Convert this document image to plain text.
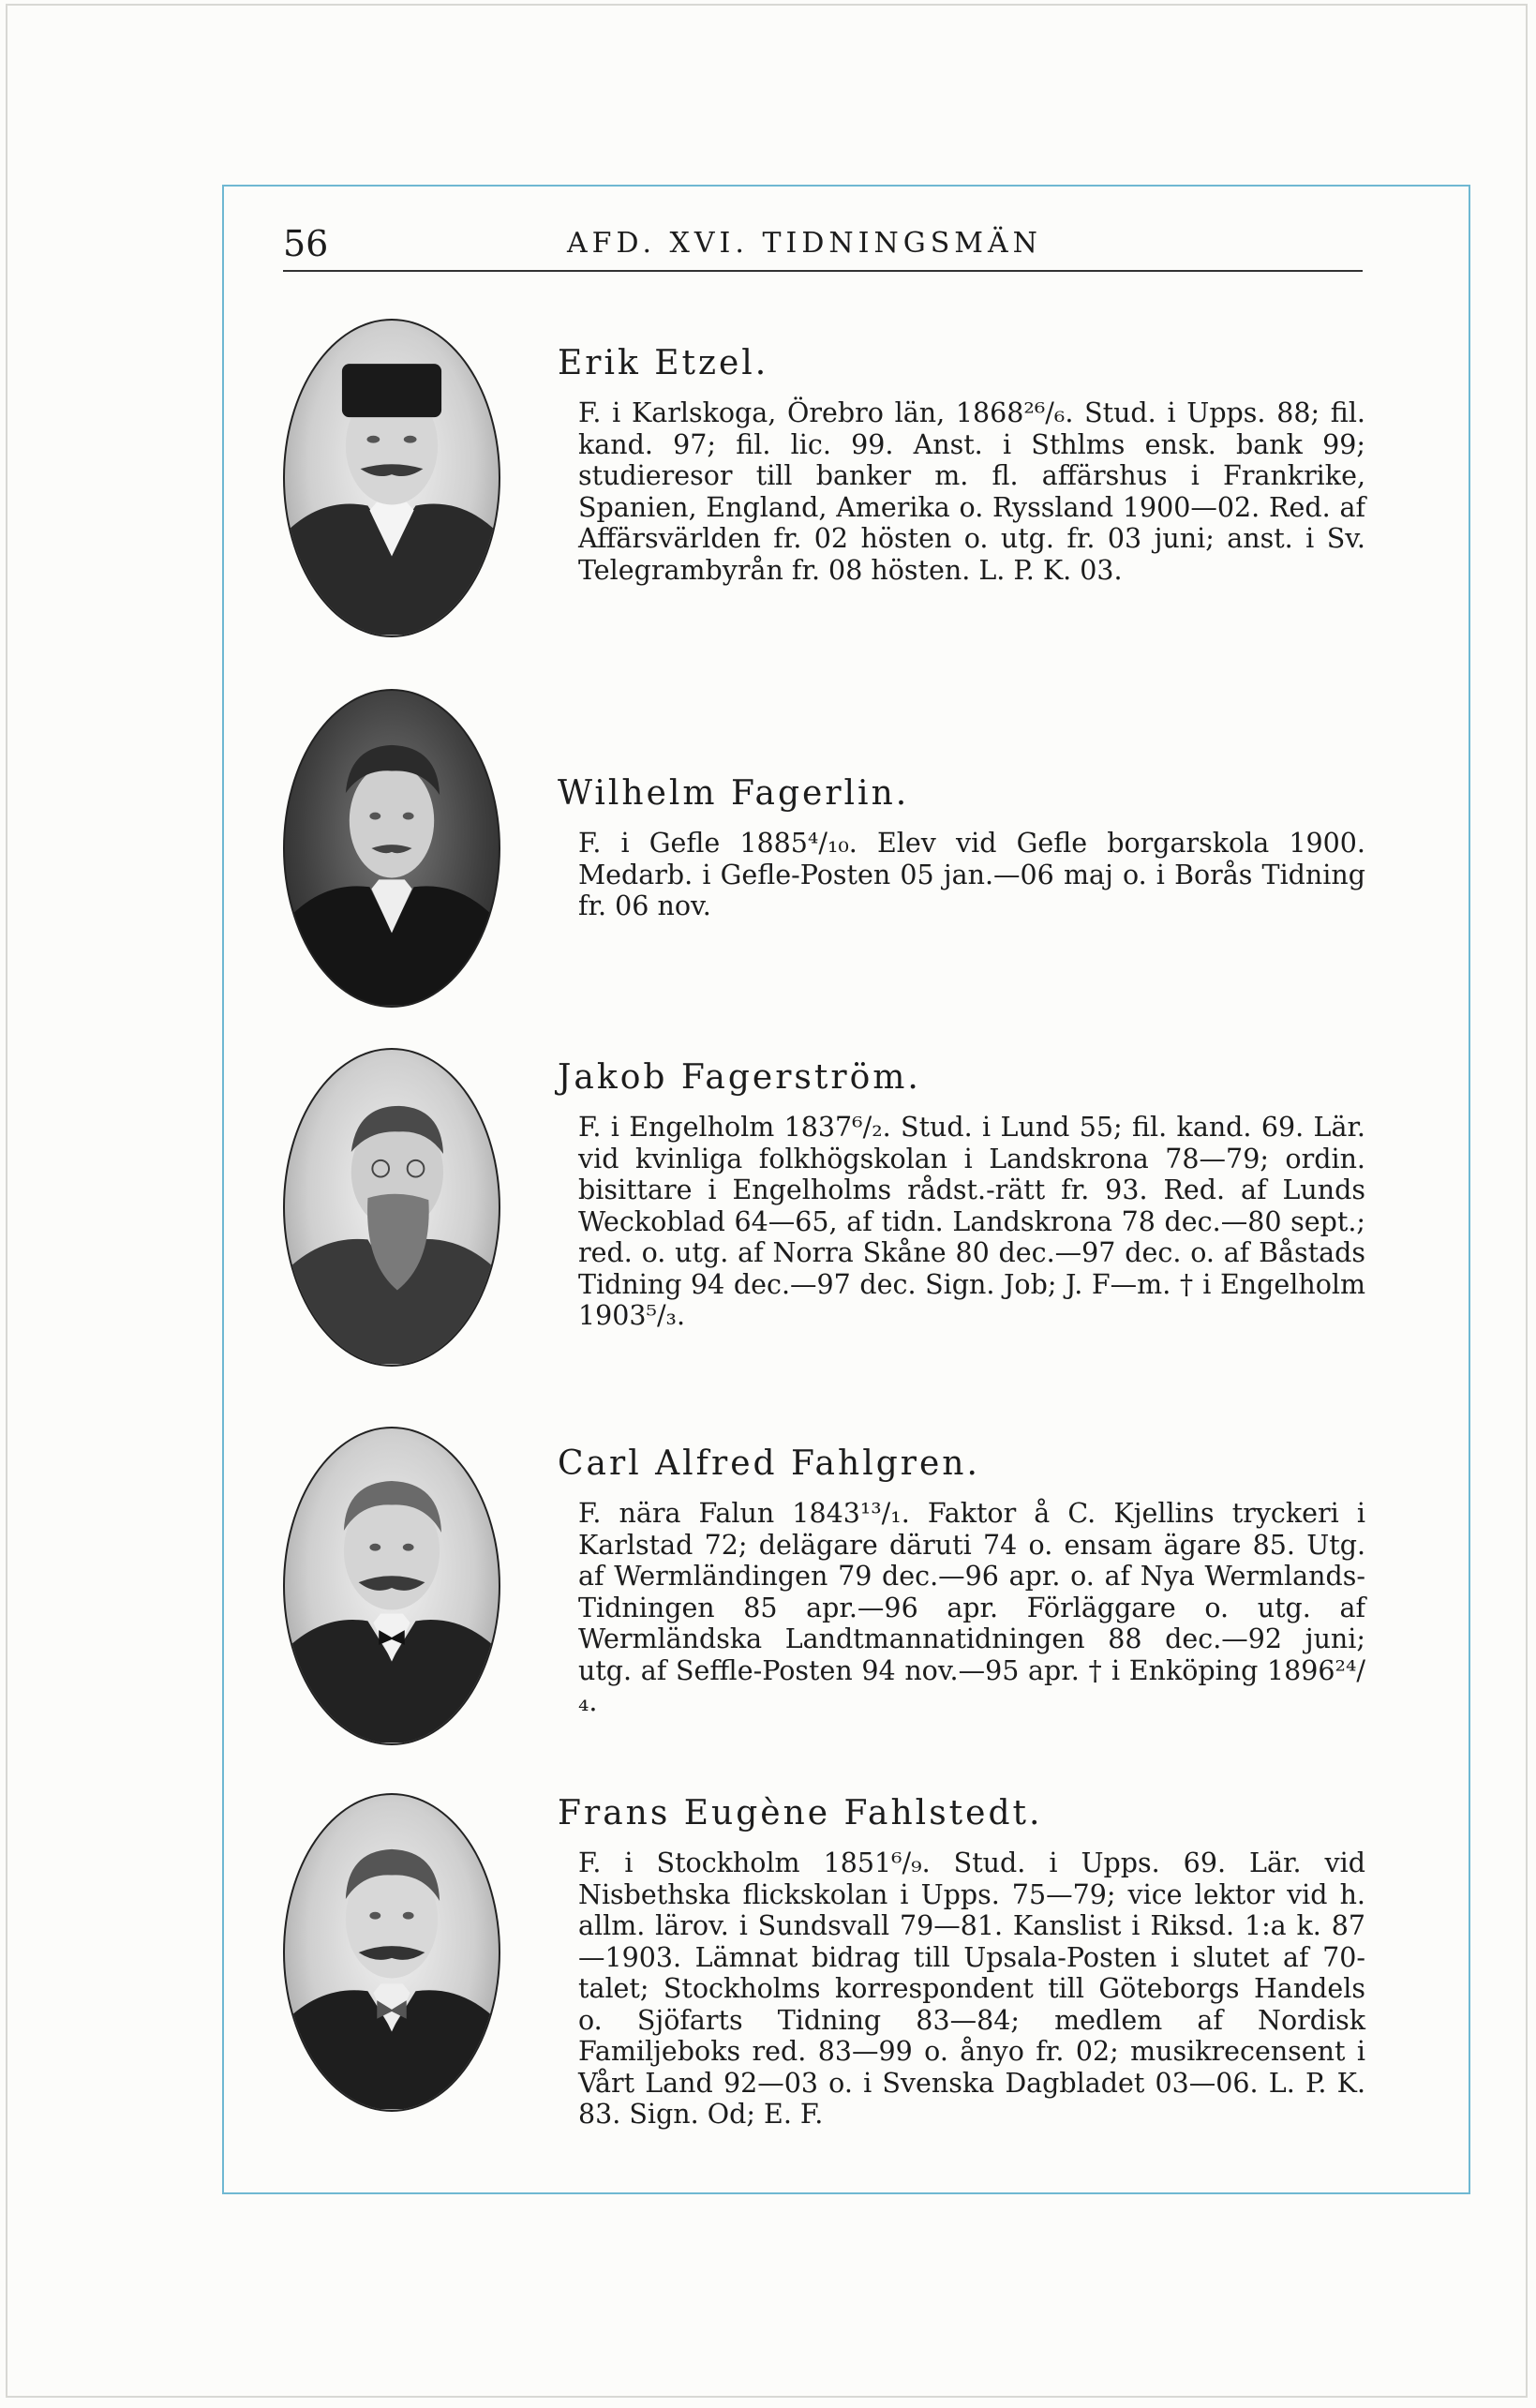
56	AFD. XVI. TIDNINGSMÄN

Erik Etzel.

F. i Karlskoga, Örebro län, 1868²⁶/₆. Stud. i Upps. 88; fil. kand. 97; fil. lic. 99. Anst. i Sthlms ensk. bank 99; studieresor till banker m. fl. affärshus i Frankrike, Spanien, England, Amerika o. Ryssland 1900—02. Red. af Affärsvärlden fr. 02 hösten o. utg. fr. 03 juni; anst. i Sv. Telegrambyrån fr. 08 hösten. L. P. K. 03.

Wilhelm Fagerlin.

F. i Gefle 1885⁴/₁₀. Elev vid Gefle borgarskola 1900. Medarb. i Gefle-Posten 05 jan.—06 maj o. i Borås Tidning fr. 06 nov.

Jakob Fagerström.

F. i Engelholm 1837⁶/₂. Stud. i Lund 55; fil. kand. 69. Lär. vid kvinliga folkhögskolan i Landskrona 78—79; ordin. bisittare i Engelholms rådst.-rätt fr. 93. Red. af Lunds Weckoblad 64—65, af tidn. Landskrona 78 dec.—80 sept.; red. o. utg. af Norra Skåne 80 dec.—97 dec. o. af Båstads Tidning 94 dec.—97 dec. Sign. Job; J. F—m. † i Engelholm 1903⁵/₃.

Carl Alfred Fahlgren.

F. nära Falun 1843¹³/₁. Faktor å C. Kjellins tryckeri i Karlstad 72; delägare däruti 74 o. ensam ägare 85. Utg. af Wermländingen 79 dec.—96 apr. o. af Nya Wermlands-Tidningen 85 apr.—96 apr. Förläggare o. utg. af Wermländska Landtmannatidningen 88 dec.—92 juni; utg. af Seffle-Posten 94 nov.—95 apr. † i Enköping 1896²⁴/₄.

Frans Eugène Fahlstedt.

F. i Stockholm 1851⁶/₉. Stud. i Upps. 69. Lär. vid Nisbethska flickskolan i Upps. 75—79; vice lektor vid h. allm. lärov. i Sundsvall 79—81. Kanslist i Riksd. 1:a k. 87—1903. Lämnat bidrag till Upsala-Posten i slutet af 70-talet; Stockholms korrespondent till Göteborgs Handels o. Sjöfarts Tidning 83—84; medlem af Nordisk Familjeboks red. 83—99 o. ånyo fr. 02; musikrecensent i Vårt Land 92—03 o. i Svenska Dagbladet 03—06. L. P. K. 83. Sign. Od; E. F.
